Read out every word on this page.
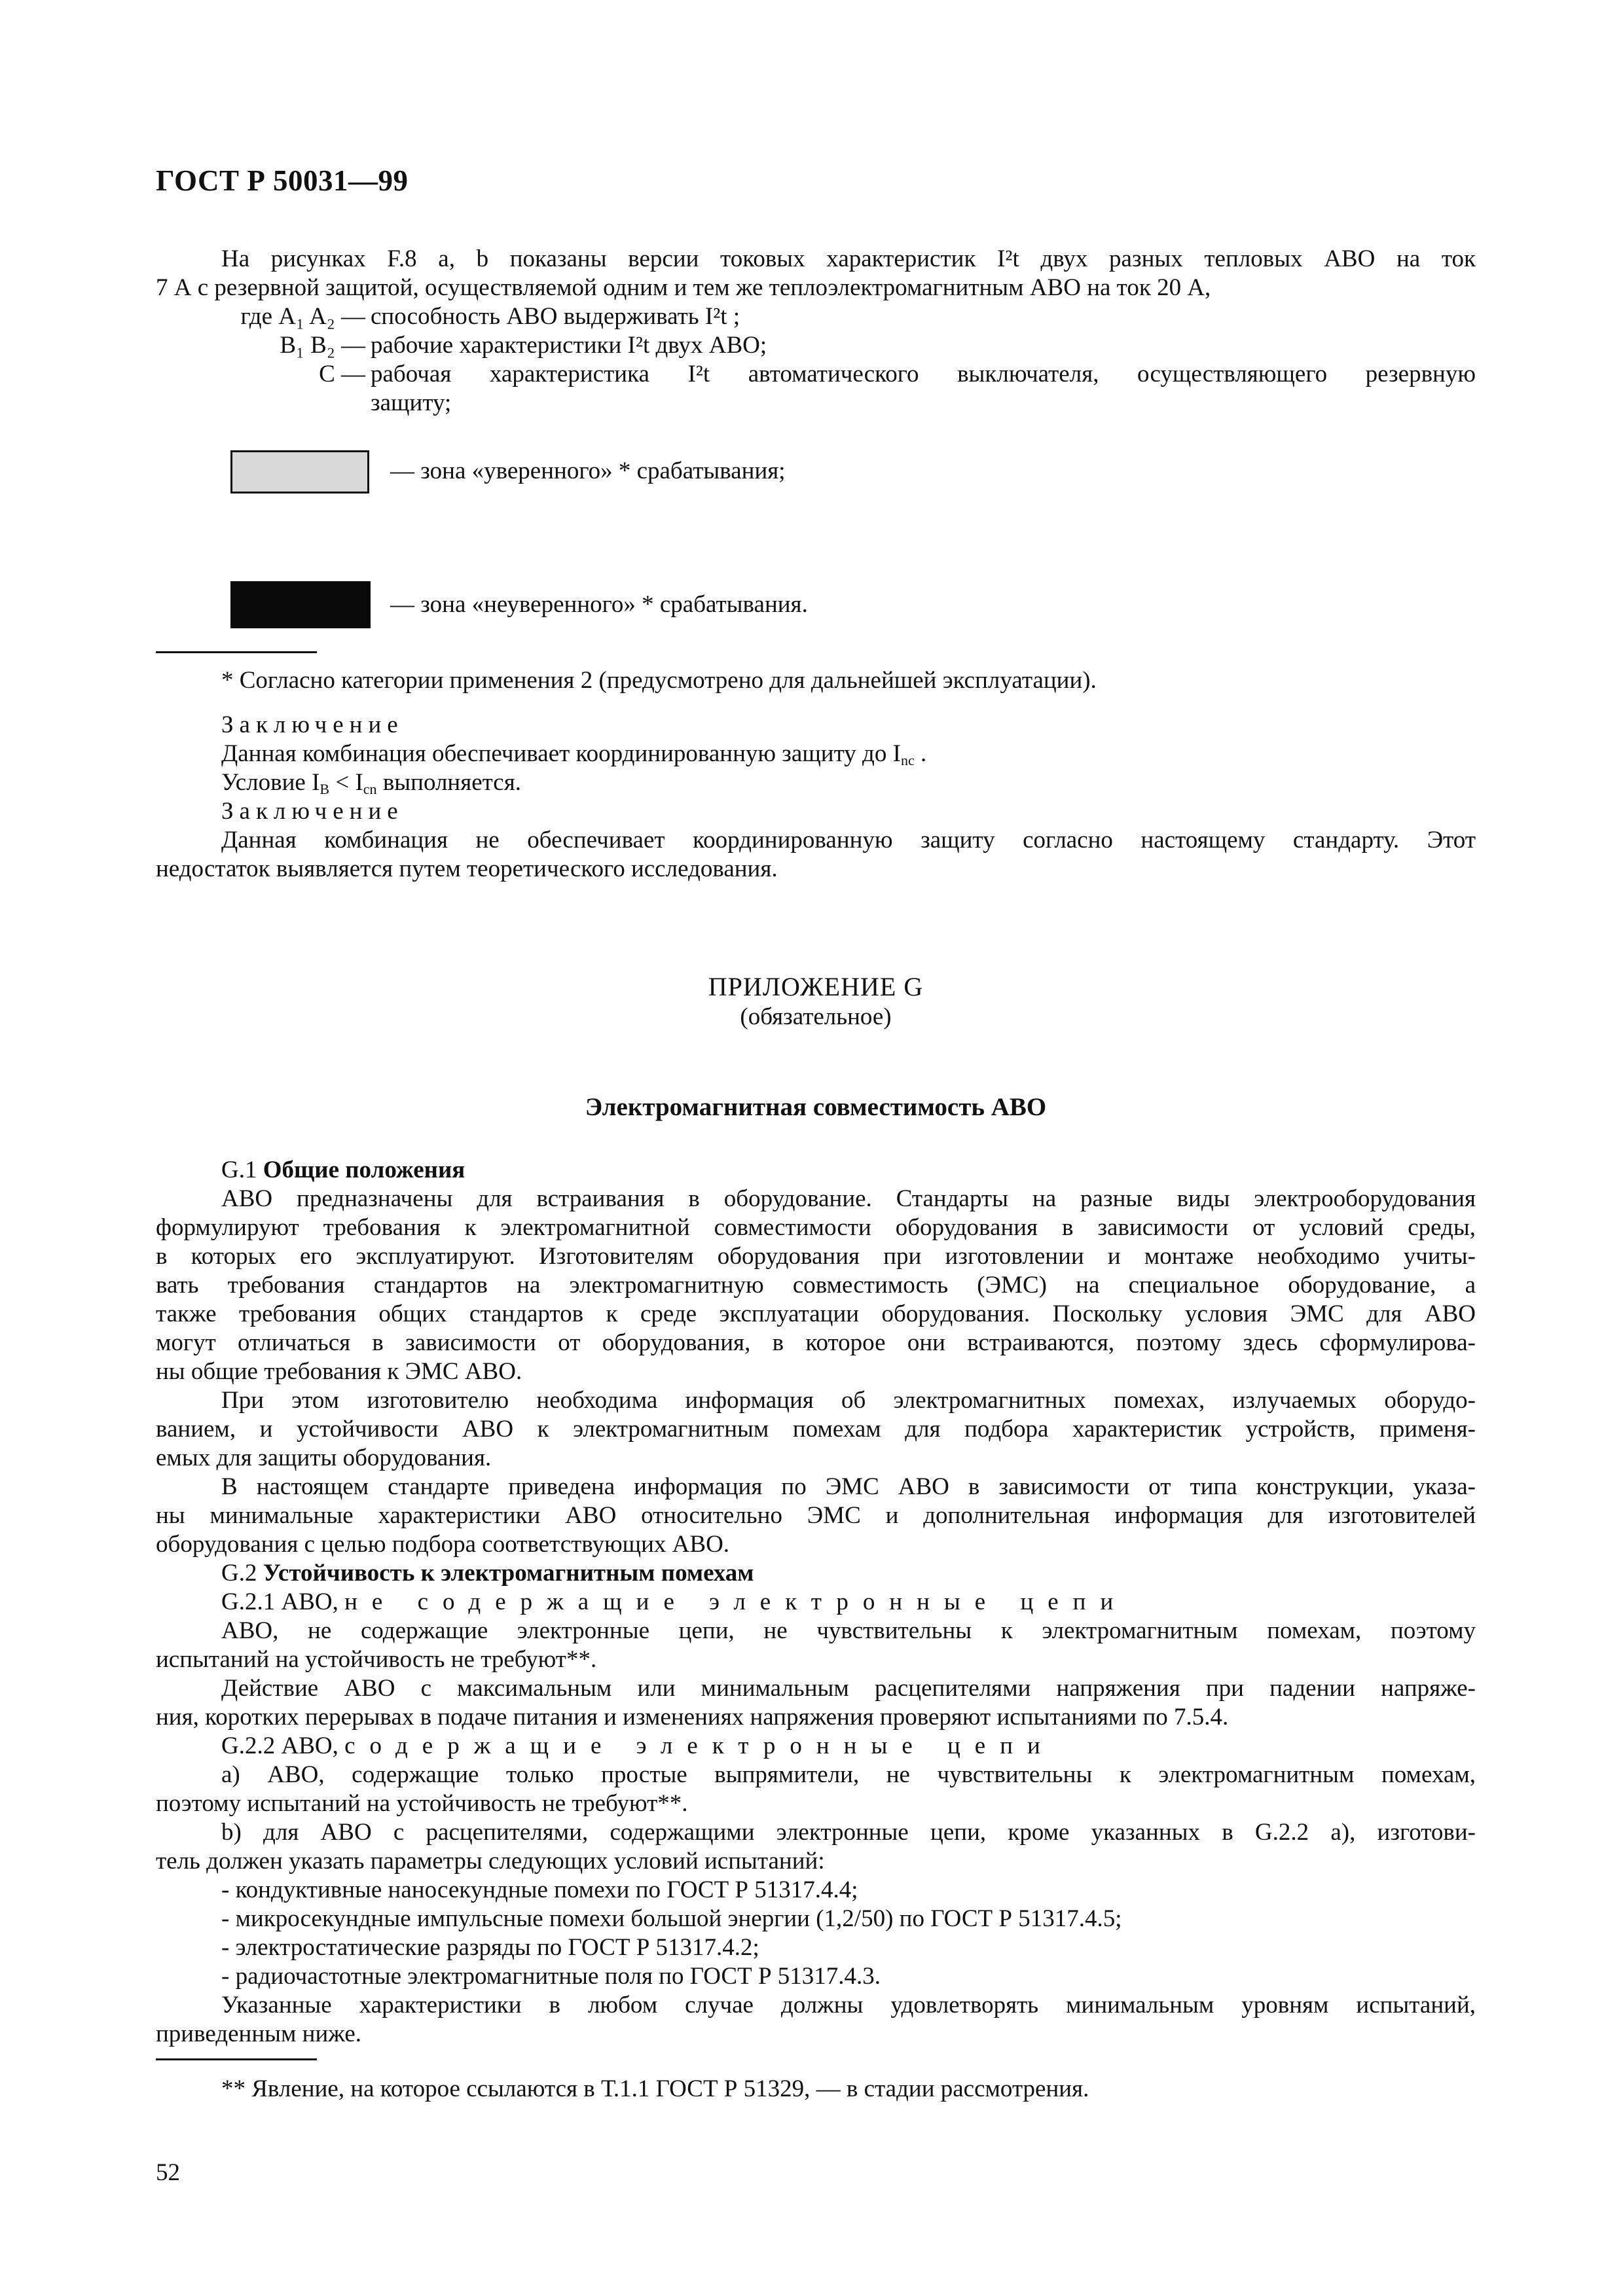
ГОСТ Р 50031—99
На рисунках F.8 a, b показаны версии токовых характеристик I²t двух разных тепловых АВО на ток
7 А с резервной защитой, осуществляемой одним и тем же теплоэлектромагнитным АВО на ток 20 А,
где A₁ A₂ — способность АВО выдерживать I²t ;
B₁ B₂ — рабочие характеристики I²t двух АВО;
C — рабочая характеристика I²t автоматического выключателя, осуществляющего резервную
защиту;
— зона «уверенного» * срабатывания;
— зона «неуверенного» * срабатывания.
* Согласно категории применения 2 (предусмотрено для дальнейшей эксплуатации).
Заключение
Данная комбинация обеспечивает координированную защиту до $I_{nc}$ .
Условие $I_B < I_{cn}$ выполняется.
Заключение
Данная комбинация не обеспечивает координированную защиту согласно настоящему стандарту. Этот
недостаток выявляется путем теоретического исследования.
ПРИЛОЖЕНИЕ G
(обязательное)
Электромагнитная совместимость АВО
G.1 Общие положения
АВО предназначены для встраивания в оборудование. Стандарты на разные виды электрооборудования
формулируют требования к электромагнитной совместимости оборудования в зависимости от условий среды,
в которых его эксплуатируют. Изготовителям оборудования при изготовлении и монтаже необходимо учиты-
вать требования стандартов на электромагнитную совместимость (ЭМС) на специальное оборудование, а
также требования общих стандартов к среде эксплуатации оборудования. Поскольку условия ЭМС для АВО
могут отличаться в зависимости от оборудования, в которое они встраиваются, поэтому здесь сформулирова-
ны общие требования к ЭМС АВО.
При этом изготовителю необходима информация об электромагнитных помехах, излучаемых оборудо-
ванием, и устойчивости АВО к электромагнитным помехам для подбора характеристик устройств, применя-
емых для защиты оборудования.
В настоящем стандарте приведена информация по ЭМС АВО в зависимости от типа конструкции, указа-
ны минимальные характеристики АВО относительно ЭМС и дополнительная информация для изготовителей
оборудования с целью подбора соответствующих АВО.
G.2 Устойчивость к электромагнитным помехам
G.2.1 АВО, не содержащие электронные цепи
АВО, не содержащие электронные цепи, не чувствительны к электромагнитным помехам, поэтому
испытаний на устойчивость не требуют**.
Действие АВО с максимальным или минимальным расцепителями напряжения при падении напряже-
ния, коротких перерывах в подаче питания и изменениях напряжения проверяют испытаниями по 7.5.4.
G.2.2 АВО, содержащие электронные цепи
a) АВО, содержащие только простые выпрямители, не чувствительны к электромагнитным помехам,
поэтому испытаний на устойчивость не требуют**.
b) для АВО с расцепителями, содержащими электронные цепи, кроме указанных в G.2.2 а), изготови-
тель должен указать параметры следующих условий испытаний:
- кондуктивные наносекундные помехи по ГОСТ Р 51317.4.4;
- микросекундные импульсные помехи большой энергии (1,2/50) по ГОСТ Р 51317.4.5;
- электростатические разряды по ГОСТ Р 51317.4.2;
- радиочастотные электромагнитные поля по ГОСТ Р 51317.4.3.
Указанные характеристики в любом случае должны удовлетворять минимальным уровням испытаний,
приведенным ниже.
** Явление, на которое ссылаются в Т.1.1 ГОСТ Р 51329, — в стадии рассмотрения.
52
